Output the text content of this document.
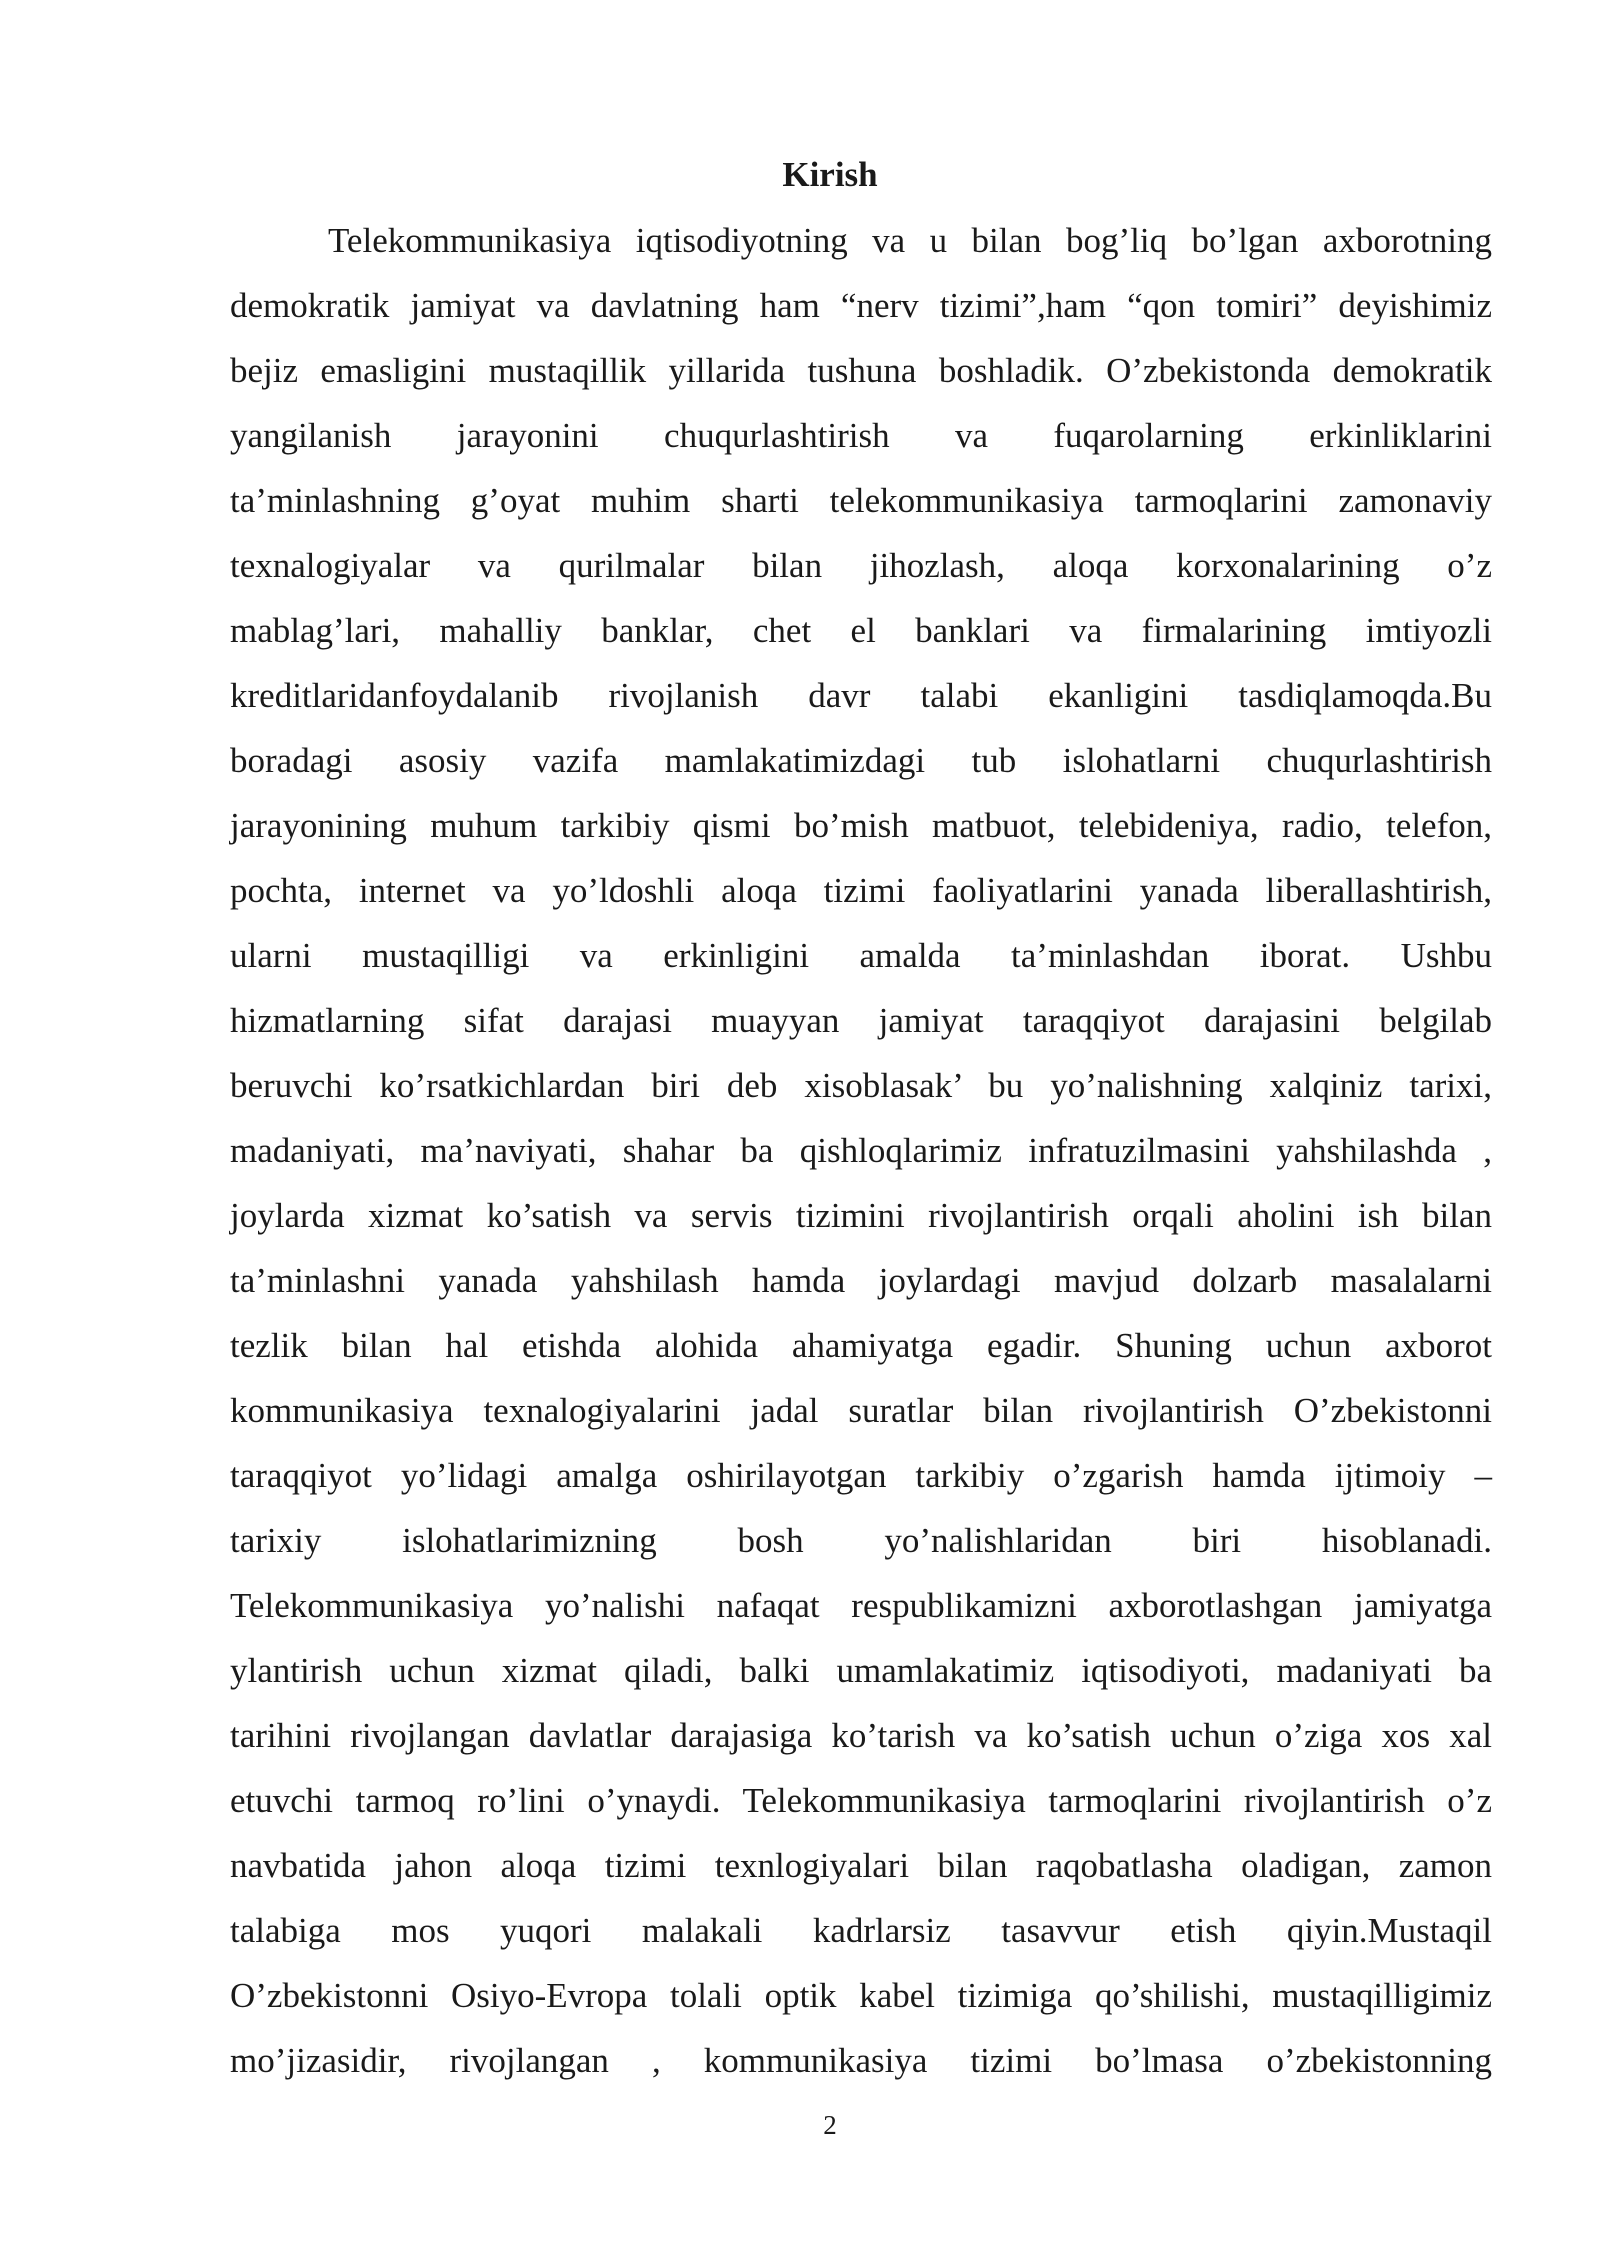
Kirish
Telekommunikasiya iqtisodiyotning va u bilan bog’liq bo’lgan axborotning
demokratik jamiyat va davlatning ham “nerv tizimi”,ham “qon tomiri” deyishimiz
bejiz emasligini mustaqillik yillarida tushuna boshladik. O’zbekistonda demokratik
yangilanish jarayonini chuqurlashtirish va fuqarolarning erkinliklarini
ta’minlashning g’oyat muhim sharti telekommunikasiya tarmoqlarini zamonaviy
texnalogiyalar va qurilmalar bilan jihozlash, aloqa korxonalarining o’z
mablag’lari, mahalliy banklar, chet el banklari va firmalarining imtiyozli
kreditlaridanfoydalanib rivojlanish davr talabi ekanligini tasdiqlamoqda.Bu
boradagi asosiy vazifa mamlakatimizdagi tub islohatlarni chuqurlashtirish
jarayonining muhum tarkibiy qismi bo’mish matbuot, telebideniya, radio, telefon,
pochta, internet va yo’ldoshli aloqa tizimi faoliyatlarini yanada liberallashtirish,
ularni mustaqilligi va erkinligini amalda ta’minlashdan iborat. Ushbu
hizmatlarning sifat darajasi muayyan jamiyat taraqqiyot darajasini belgilab
beruvchi ko’rsatkichlardan biri deb xisoblasak’ bu yo’nalishning xalqiniz tarixi,
madaniyati, ma’naviyati, shahar ba qishloqlarimiz infratuzilmasini yahshilashda ,
joylarda xizmat ko’satish va servis tizimini rivojlantirish orqali aholini ish bilan
ta’minlashni yanada yahshilash hamda joylardagi mavjud dolzarb masalalarni
tezlik bilan hal etishda alohida ahamiyatga egadir. Shuning uchun axborot
kommunikasiya texnalogiyalarini jadal suratlar bilan rivojlantirish O’zbekistonni
taraqqiyot yo’lidagi amalga oshirilayotgan tarkibiy o’zgarish hamda ijtimoiy –
tarixiy islohatlarimizning bosh yo’nalishlaridan biri hisoblanadi.
Telekommunikasiya yo’nalishi nafaqat respublikamizni axborotlashgan jamiyatga
ylantirish uchun xizmat qiladi, balki umamlakatimiz iqtisodiyoti, madaniyati ba
tarihini rivojlangan davlatlar darajasiga ko’tarish va ko’satish uchun o’ziga xos xal
etuvchi tarmoq ro’lini o’ynaydi. Telekommunikasiya tarmoqlarini rivojlantirish o’z
navbatida jahon aloqa tizimi texnlogiyalari bilan raqobatlasha oladigan, zamon
talabiga mos yuqori malakali kadrlarsiz tasavvur etish qiyin.Mustaqil
O’zbekistonni Osiyo-Evropa tolali optik kabel tizimiga qo’shilishi, mustaqilligimiz
mo’jizasidir, rivojlangan , kommunikasiya tizimi bo’lmasa o’zbekistonning
2
